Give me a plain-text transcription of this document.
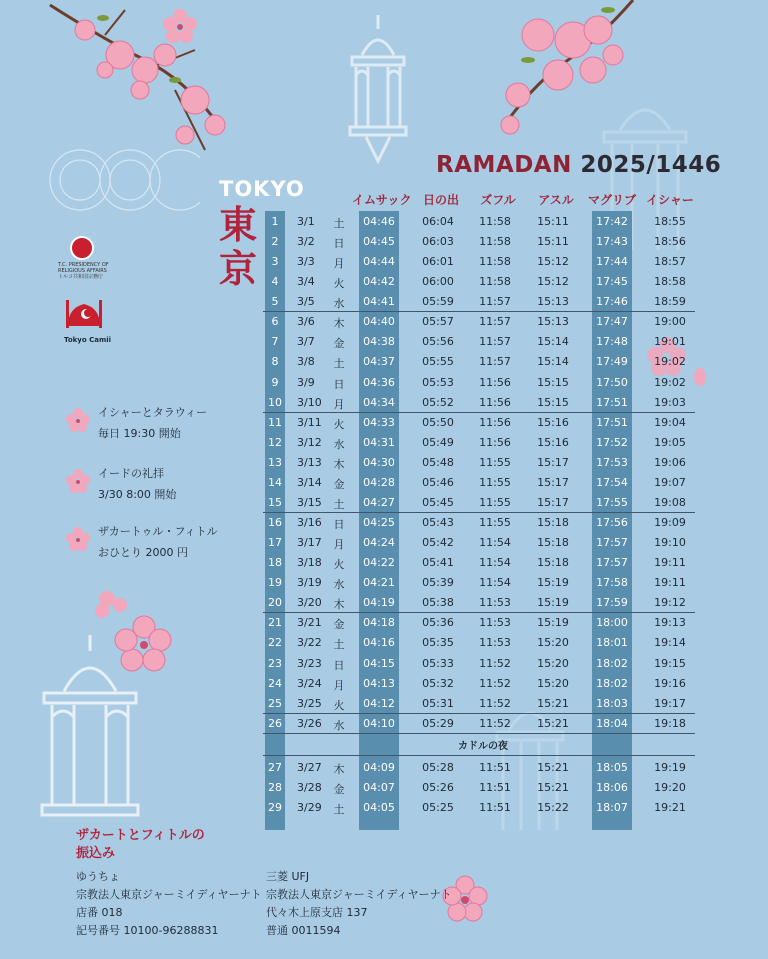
RAMADAN 2025/1446
TOKYO
東
京
T.C. PRESIDENCY OF
RELIGIOUS AFFAIRS
トルコ共和国宗務庁
Tokyo Camii
イムサック 日の出	ズフル	アスル	マグリブ イシャー
1	3/1	土	04:46	06:04	11:58	15:11	17:42	18:55
2	3/2	日	04:45	06:03	11:58	15:11	17:43	18:56
3	3/3	月	04:44	06:01	11:58	15:12	17:44	18:57
4	3/4	火	04:42	06:00	11:58	15:12	17:45	18:58
5	3/5	水	04:41	05:59	11:57	15:13	17:46	18:59
6	3/6	木	04:40	05:57	11:57	15:13	17:47	19:00
7	3/7	金	04:38	05:56	11:57	15:14	17:48	19:01
8	3/8	土	04:37	05:55	11:57	15:14	17:49	19:02
9	3/9	日	04:36	05:53	11:56	15:15	17:50	19:02
10	3/10	月	04:34	05:52	11:56	15:15	17:51	19:03
11	3/11	火	04:33	05:50	11:56	15:16	17:51	19:04
12	3/12	水	04:31	05:49	11:56	15:16	17:52	19:05
13	3/13	木	04:30	05:48	11:55	15:17	17:53	19:06
14	3/14	金	04:28	05:46	11:55	15:17	17:54	19:07
15	3/15	土	04:27	05:45	11:55	15:17	17:55	19:08
16	3/16	日	04:25	05:43	11:55	15:18	17:56	19:09
17	3/17	月	04:24	05:42	11:54	15:18	17:57	19:10
18	3/18	火	04:22	05:41	11:54	15:18	17:57	19:11
19	3/19	水	04:21	05:39	11:54	15:19	17:58	19:11
20	3/20	木	04:19	05:38	11:53	15:19	17:59	19:12
21	3/21	金	04:18	05:36	11:53	15:19	18:00	19:13
22	3/22	土	04:16	05:35	11:53	15:20	18:01	19:14
23	3/23	日	04:15	05:33	11:52	15:20	18:02	19:15
24	3/24	月	04:13	05:32	11:52	15:20	18:02	19:16
25	3/25	火	04:12	05:31	11:52	15:21	18:03	19:17
26	3/26	水	04:10	05:29	11:52	15:21	18:04	19:18
27	3/27	木	04:09	05:28	11:51	15:21	18:05	19:19
28	3/28	金	04:07	05:26	11:51	15:21	18:06	19:20
29	3/29	土	04:05	05:25	11:51	15:22	18:07	19:21
カドルの夜
イシャーとタラウィー
毎日 19:30 開始
イードの礼拝
3/30 8:00 開始
ザカートゥル・フィトル
おひとり 2000 円
ザカートとフィトルの
振込み
ゆうちょ
宗教法人東京ジャーミイディヤーナト
店番 018
記号番号 10100-96288831
三菱 UFJ
宗教法人東京ジャーミイディヤーナト
代々木上原支店 137
普通 0011594
